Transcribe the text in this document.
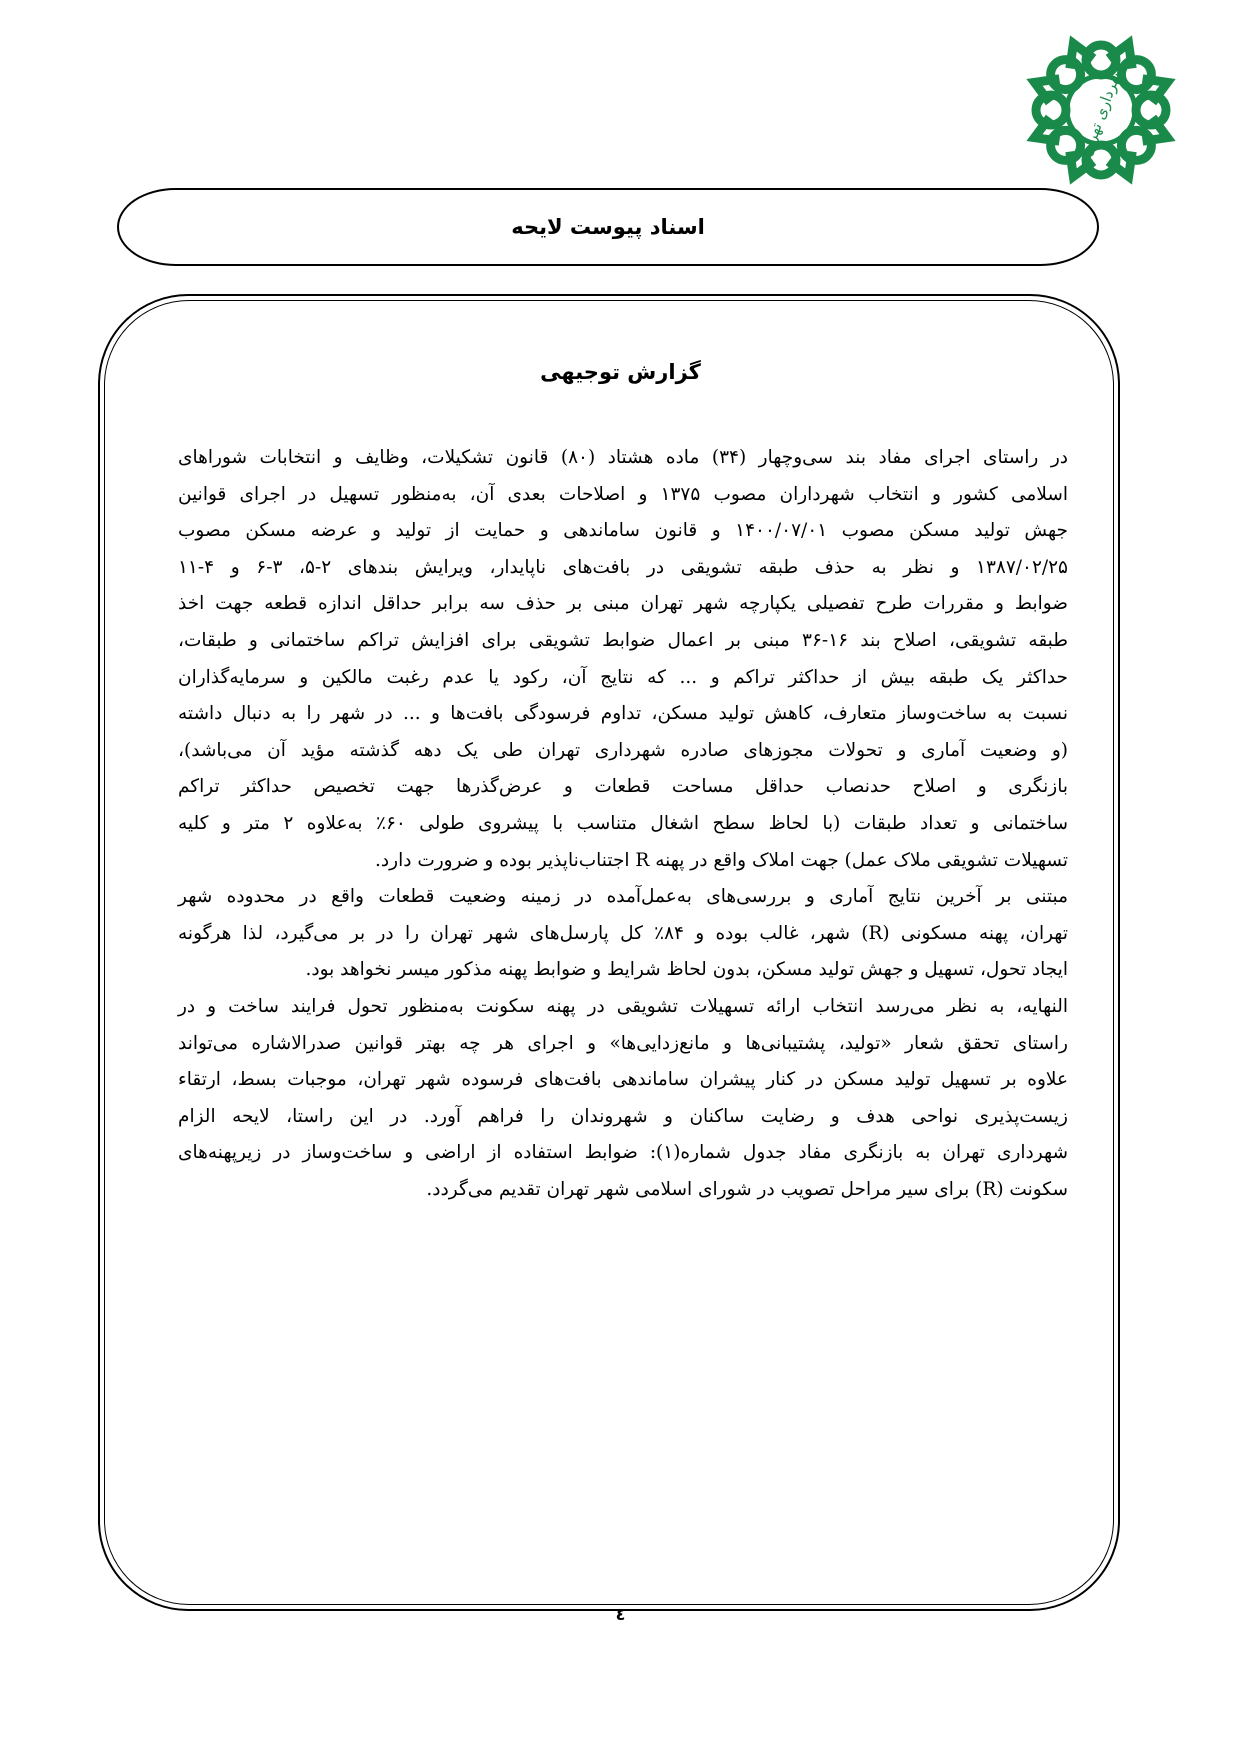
شهرداری تهران
اسناد پیوست لایحه
گزارش توجیهی

در راستای اجرای مفاد بند سی‌وچهار (۳۴) ماده هشتاد (۸۰) قانون تشکیلات، وظایف و انتخابات شوراهای
اسلامی کشور و انتخاب شهرداران مصوب ۱۳۷۵ و اصلاحات بعدی آن، به‌منظور تسهیل در اجرای قوانین
جهش تولید مسکن مصوب ۱۴۰۰/۰۷/۰۱ و قانون ساماندهی و حمایت از تولید و عرضه مسکن مصوب
۱۳۸۷/۰۲/۲۵ و نظر به حذف طبقه تشویقی در بافت‌های ناپایدار، ویرایش بندهای ۲-۵، ۳-۶ و ۴-۱۱
ضوابط و مقررات طرح تفصیلی یکپارچه شهر تهران مبنی بر حذف سه برابر حداقل اندازه قطعه جهت اخذ
طبقه تشویقی، اصلاح بند ۱۶-۳۶ مبنی بر اعمال ضوابط تشویقی برای افزایش تراکم ساختمانی و طبقات،
حداکثر یک طبقه بیش از حداکثر تراکم و ... که نتایج آن، رکود یا عدم رغبت مالکین و سرمایه‌گذاران
نسبت به ساخت‌وساز متعارف، کاهش تولید مسکن، تداوم فرسودگی بافت‌ها و ... در شهر را به دنبال داشته
(و وضعیت آماری و تحولات مجوزهای صادره شهرداری تهران طی یک دهه گذشته مؤید آن می‌باشد)،
بازنگری و اصلاح حدنصاب حداقل مساحت قطعات و عرض‌گذرها جهت تخصیص حداکثر تراکم
ساختمانی و تعداد طبقات (با لحاظ سطح اشغال متناسب با پیشروی طولی ۶۰٪ به‌علاوه ۲ متر و کلیه
تسهیلات تشویقی ملاک عمل) جهت املاک واقع در پهنه R اجتناب‌ناپذیر بوده و ضرورت دارد.

مبتنی بر آخرین نتایج آماری و بررسی‌های به‌عمل‌آمده در زمینه وضعیت قطعات واقع در محدوده شهر
تهران، پهنه مسکونی (R) شهر، غالب بوده و ۸۴٪ کل پارسل‌های شهر تهران را در بر می‌گیرد، لذا هرگونه
ایجاد تحول، تسهیل و جهش تولید مسکن، بدون لحاظ شرایط و ضوابط پهنه مذکور میسر نخواهد بود.

النهایه، به نظر می‌رسد انتخاب ارائه تسهیلات تشویقی در پهنه سکونت به‌منظور تحول فرایند ساخت و در
راستای تحقق شعار «تولید، پشتیبانی‌ها و مانع‌زدایی‌ها» و اجرای هر چه بهتر قوانین صدرالاشاره می‌تواند
علاوه بر تسهیل تولید مسکن در کنار پیشران ساماندهی بافت‌های فرسوده شهر تهران، موجبات بسط، ارتقاء
زیست‌پذیری نواحی هدف و رضایت ساکنان و شهروندان را فراهم آورد. در این راستا، لایحه الزام
شهرداری تهران به بازنگری مفاد جدول شماره(۱): ضوابط استفاده از اراضی و ساخت‌وساز در زیرپهنه‌های
سکونت (R) برای سیر مراحل تصویب در شورای اسلامی شهر تهران تقدیم می‌گردد.

٤
